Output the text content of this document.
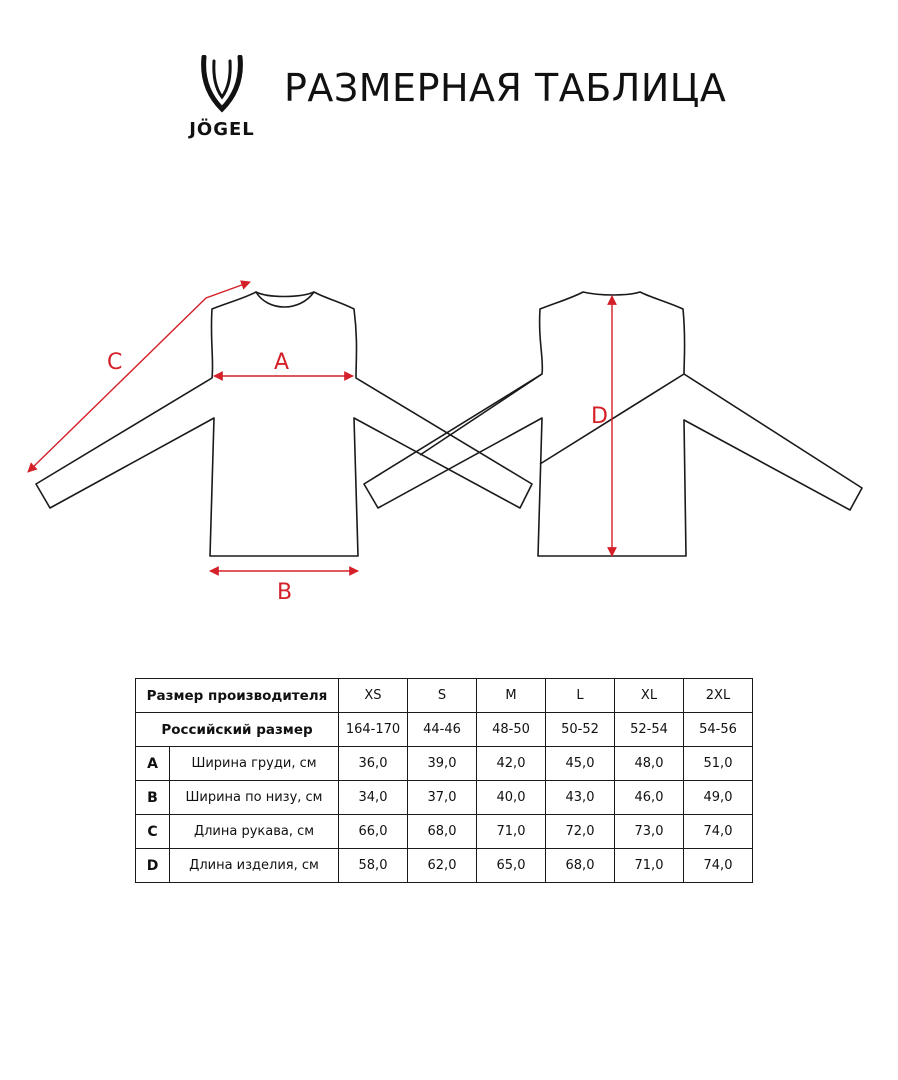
JÖGEL
РАЗМЕРНАЯ ТАБЛИЦА
A
B
C
D
Размер производителя		XS	S	M	L	XL	2XL
Российский размер		164-170	44-46	48-50	50-52	52-54	54-56
A	Ширина груди, см	36,0	39,0	42,0	45,0	48,0	51,0
B	Ширина по низу, см	34,0	37,0	40,0	43,0	46,0	49,0
C	Длина рукава, см	66,0	68,0	71,0	72,0	73,0	74,0
D	Длина изделия, см	58,0	62,0	65,0	68,0	71,0	74,0
